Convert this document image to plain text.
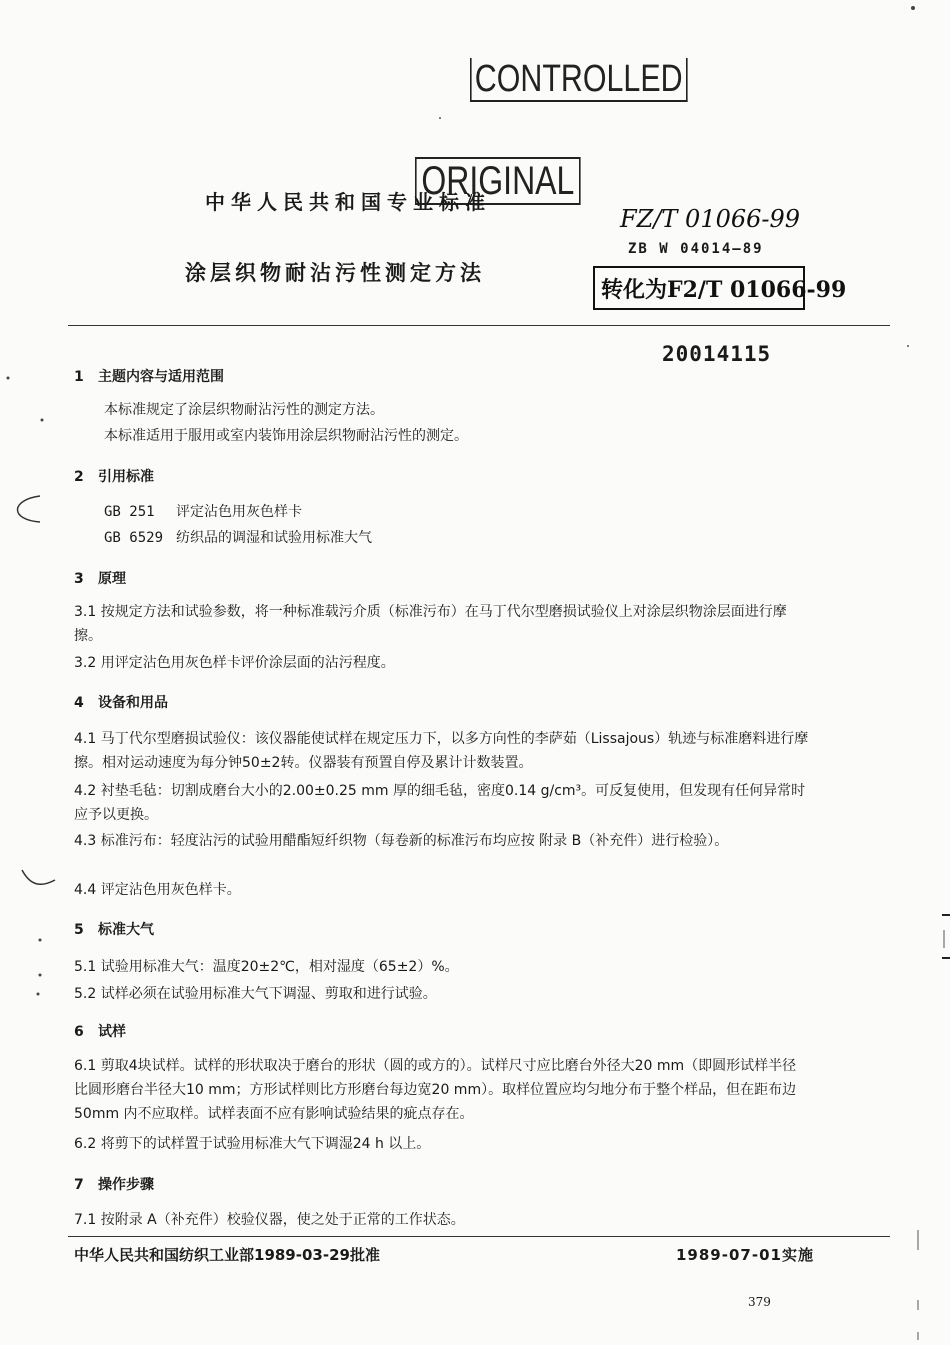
CONTROLLED
ORIGINAL
中华人民共和国专业标准
FZ/T 01066-99
ZB W 04014—89
涂层织物耐沾污性测定方法
转化为F2/T 01066-99
20014115
1 主题内容与适用范围
本标准规定了涂层织物耐沾污性的测定方法。
本标准适用于服用或室内装饰用涂层织物耐沾污性的测定。
2 引用标准
GB 251 评定沾色用灰色样卡
GB 6529 纺织品的调湿和试验用标准大气
3 原理
3.1 按规定方法和试验参数，将一种标准载污介质（标准污布）在马丁代尔型磨损试验仪上对涂层织物涂层面进行摩擦。
3.2 用评定沾色用灰色样卡评价涂层面的沾污程度。
4 设备和用品
4.1 马丁代尔型磨损试验仪：该仪器能使试样在规定压力下，以多方向性的李萨茹（Lissajous）轨迹与标准磨料进行摩擦。相对运动速度为每分钟50±2转。仪器装有预置自停及累计计数装置。
4.2 衬垫毛毡：切割成磨台大小的2.00±0.25 mm 厚的细毛毡，密度0.14 g/cm³。可反复使用，但发现有任何异常时应予以更换。
4.3 标准污布：轻度沾污的试验用醋酯短纤织物（每卷新的标准污布均应按 附录 B（补充件）进行检验）。
4.4 评定沾色用灰色样卡。
5 标准大气
5.1 试验用标准大气：温度20±2℃，相对湿度（65±2）%。
5.2 试样必须在试验用标准大气下调湿、剪取和进行试验。
6 试样
6.1 剪取4块试样。试样的形状取决于磨台的形状（圆的或方的）。试样尺寸应比磨台外径大20 mm（即圆形试样半径比圆形磨台半径大10 mm；方形试样则比方形磨台每边宽20 mm）。取样位置应均匀地分布于整个样品，但在距布边50mm 内不应取样。试样表面不应有影响试验结果的疵点存在。
6.2 将剪下的试样置于试验用标准大气下调湿24 h 以上。
7 操作步骤
7.1 按附录 A（补充件）校验仪器，使之处于正常的工作状态。
中华人民共和国纺织工业部1989-03-29批准	1989-07-01实施
379
